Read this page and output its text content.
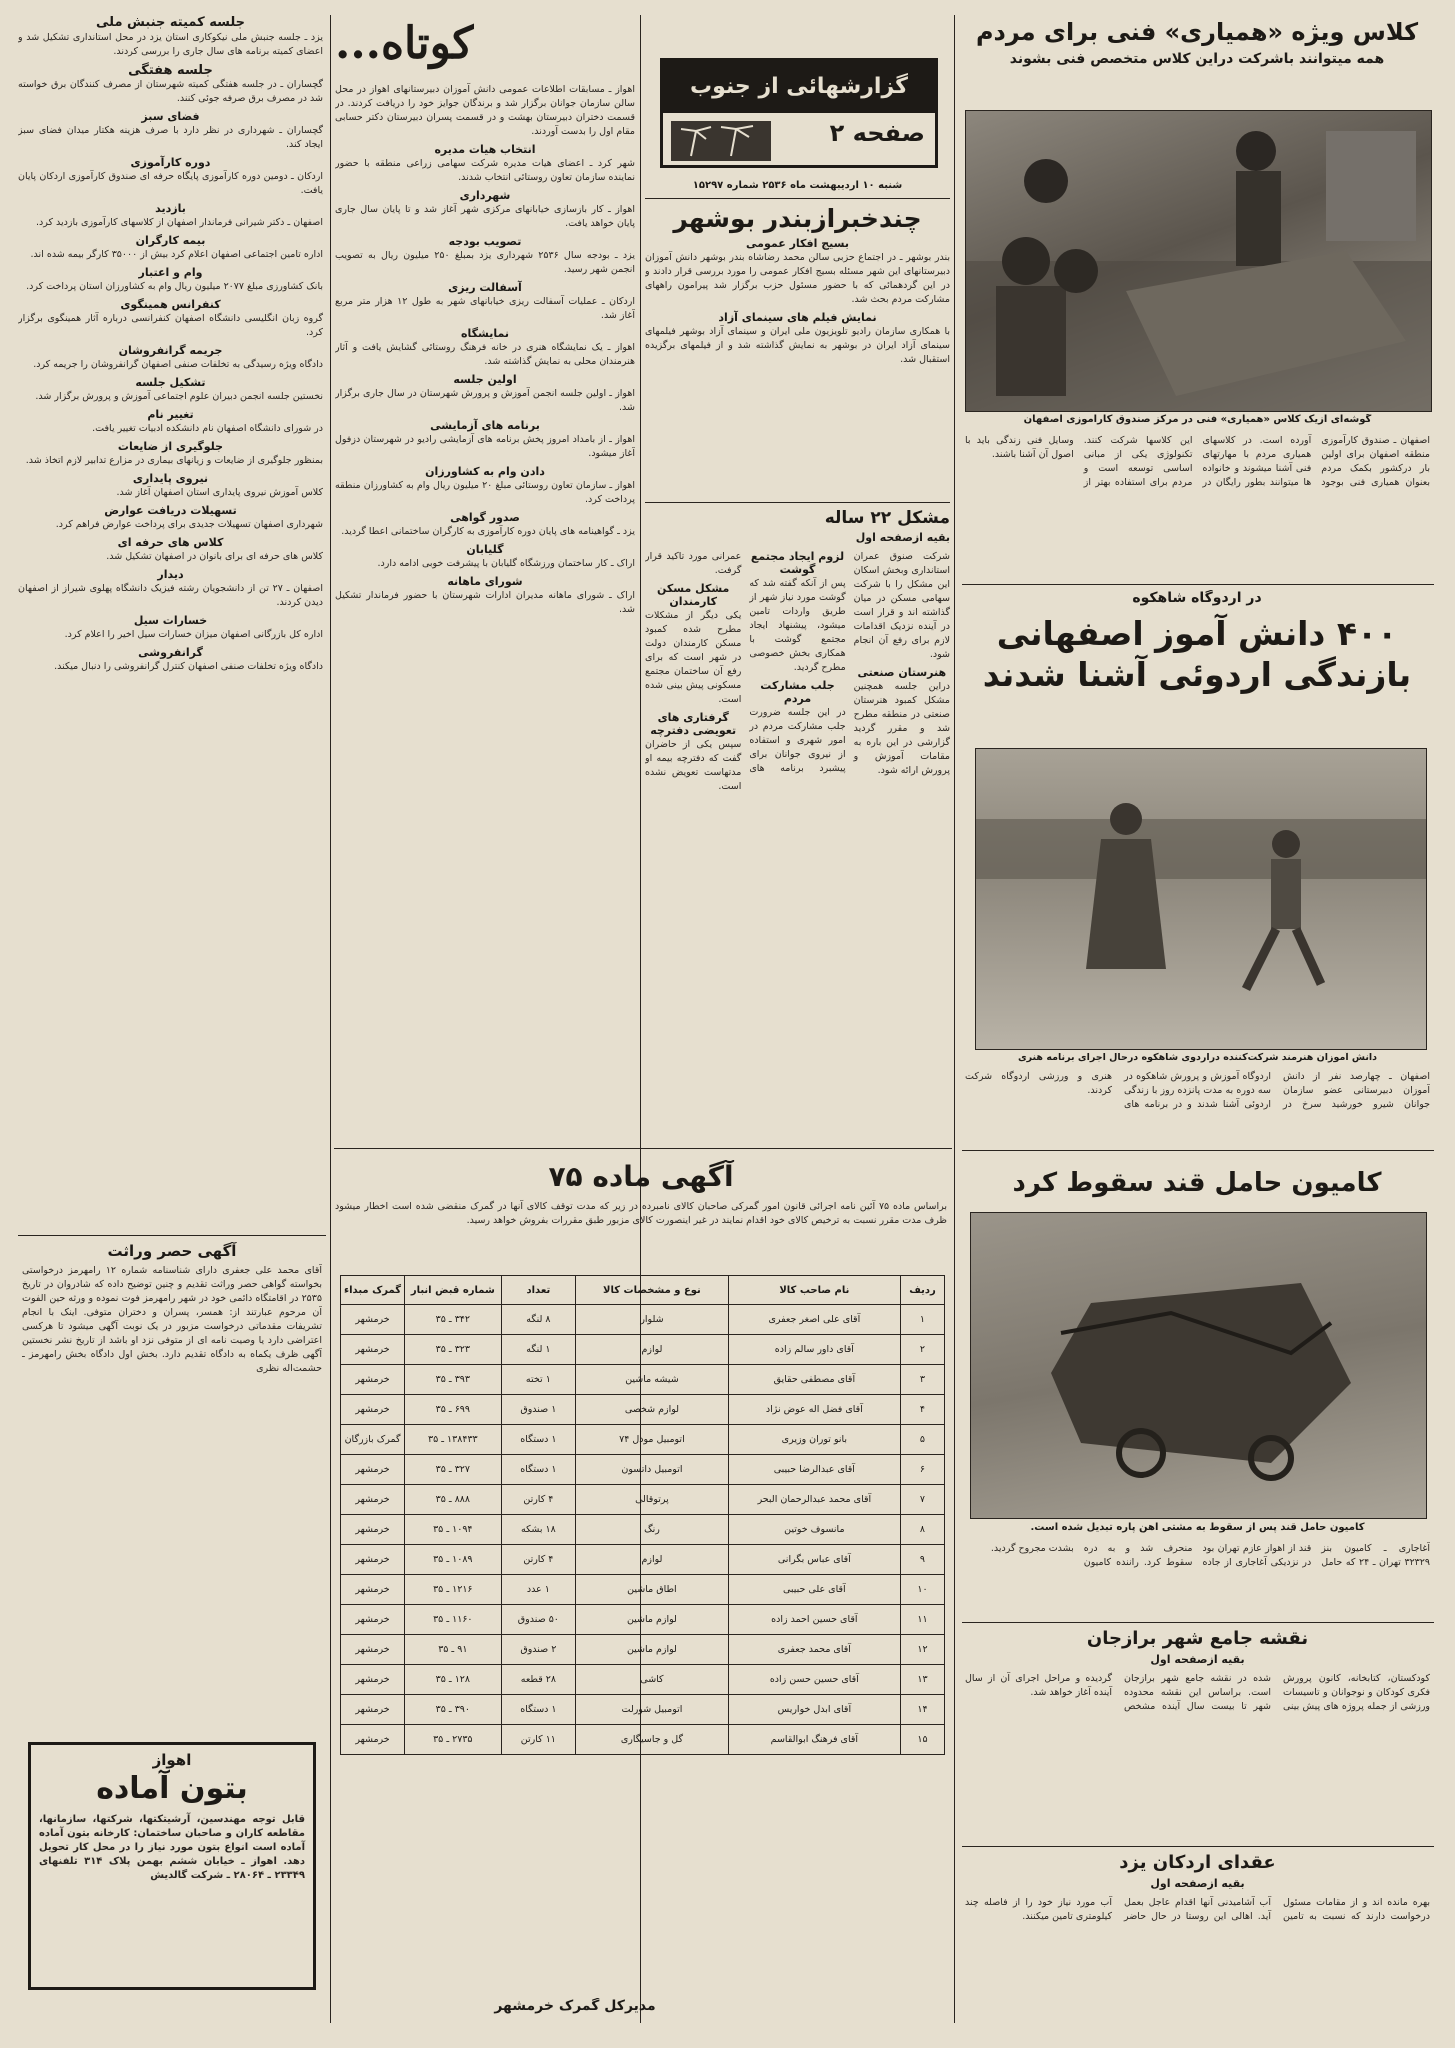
کلاس ویژه «همیاری» فنی برای مردم
همه میتوانند باشرکت دراین کلاس متخصص فنی بشوند
گوشه‌ای ازیک کلاس «همیاری» فنی در مرکز صندوق کارآموزی اصفهان

اصفهان ـ صندوق کارآموزی منطقه اصفهان برای اولین بار درکشور بکمک مردم بعنوان همیاری فنی بوجود آورده است. در کلاسهای همیاری مردم با مهارتهای فنی آشنا میشوند و خانواده ها میتوانند بطور رایگان در این کلاسها شرکت کنند. تکنولوژی یکی از مبانی اساسی توسعه است و مردم برای استفاده بهتر از وسایل فنی زندگی باید با اصول آن آشنا باشند.

در اردوگاه شاهکوه
۴۰۰ دانش آموز اصفهانی بازندگی اردوئی آشنا شدند
دانش آموزان هنرمند شرکت‌کننده دراردوی شاهکوه درحال اجرای برنامه هنری

اصفهان ـ چهارصد نفر از دانش آموزان دبیرستانی عضو سازمان جوانان شیرو خورشید سرخ در اردوگاه آموزش و پرورش شاهکوه در سه دوره به مدت پانزده روز با زندگی اردوئی آشنا شدند و در برنامه های هنری و ورزشی اردوگاه شرکت کردند.

کامیون حامل قند سقوط کرد
کامیون حامل قند پس از سقوط به مشتی آهن پاره تبدیل شده است.

آغاجاری ـ کامیون بنز ۳۲۳۲۹ تهران ـ ۲۴ که حامل قند از اهواز عازم تهران بود در نزدیکی آغاجاری از جاده منحرف شد و به دره سقوط کرد. راننده کامیون بشدت مجروح گردید.

نقشه جامع شهر برازجان
بقیه ازصفحه اول

کودکستان، کتابخانه، کانون پرورش فکری کودکان و نوجوانان و تاسیسات ورزشی از جمله پروژه های پیش بینی شده در نقشه جامع شهر برازجان است. براساس این نقشه محدوده شهر تا بیست سال آینده مشخص گردیده و مراحل اجرای آن از سال آینده آغاز خواهد شد.

عقدای اردکان یزد
بقیه ازصفحه اول

بهره مانده اند و از مقامات مسئول درخواست دارند که نسبت به تامین آب آشامیدنی آنها اقدام عاجل بعمل آید. اهالی این روستا در حال حاضر آب مورد نیاز خود را از فاصله چند کیلومتری تامین میکنند.

گزارشهائی از جنوب
صفحه ۲
شنبه ۱۰ اردیبهشت ماه ۲۵۳۶ شماره ۱۵۲۹۷
چندخبرازبندر بوشهر
بسیج افکار عمومی

بندر بوشهر ـ در اجتماع حزبی سالن محمد رضاشاه بندر بوشهر دانش آموزان دبیرستانهای این شهر مسئله بسیج افکار عمومی را مورد بررسی قرار دادند و در این گردهمائی که با حضور مسئول حزب برگزار شد پیرامون راههای مشارکت مردم بحث شد.

نمایش فیلم های سینمای آزاد

با همکاری سازمان رادیو تلویزیون ملی ایران و سینمای آزاد بوشهر فیلمهای سینمای آزاد ایران در بوشهر به نمایش گذاشته شد و از فیلمهای برگزیده استقبال شد.

مشکل ۲۲ ساله
بقیه ازصفحه اول

شرکت صنوق عمران استانداری وبخش اسکان این مشکل را با شرکت سهامی مسکن در میان گذاشته اند و قرار است در آینده نزدیک اقدامات لازم برای رفع آن انجام شود.

هنرستان صنعتی

دراین جلسه همچنین مشکل کمبود هنرستان صنعتی در منطقه مطرح شد و مقرر گردید گزارشی در این باره به مقامات آموزش و پرورش ارائه شود.

لزوم ایجاد مجتمع گوشت

پس از آنکه گفته شد که گوشت مورد نیاز شهر از طریق واردات تامین میشود، پیشنهاد ایجاد مجتمع گوشت با همکاری بخش خصوصی مطرح گردید.

جلب مشارکت مردم

در این جلسه ضرورت جلب مشارکت مردم در امور شهری و استفاده از نیروی جوانان برای پیشبرد برنامه های عمرانی مورد تاکید قرار گرفت.

مشکل مسکن کارمندان

یکی دیگر از مشکلات مطرح شده کمبود مسکن کارمندان دولت در شهر است که برای رفع آن ساختمان مجتمع مسکونی پیش بینی شده است.

گرفتاری های تعویضی دفترچه

سپس یکی از حاضران گفت که دفترچه بیمه او مدتهاست تعویض نشده است.

کوتاه...

اهواز ـ مسابقات اطلاعات عمومی دانش آموزان دبیرستانهای اهواز در محل سالن سازمان جوانان برگزار شد و برندگان جوایز خود را دریافت کردند. در قسمت دختران دبیرستان بهشت و در قسمت پسران دبیرستان دکتر حسابی مقام اول را بدست آوردند.

انتخاب هیات مدیره

شهر کرد ـ اعضای هیات مدیره شرکت سهامی زراعی منطقه با حضور نماینده سازمان تعاون روستائی انتخاب شدند.

شهرداری

اهواز ـ کار بازسازی خیابانهای مرکزی شهر آغاز شد و تا پایان سال جاری پایان خواهد یافت.

تصویب بودجه

یزد ـ بودجه سال ۲۵۳۶ شهرداری یزد بمبلغ ۲۵۰ میلیون ریال به تصویب انجمن شهر رسید.

آسفالت ریزی

اردکان ـ عملیات آسفالت ریزی خیابانهای شهر به طول ۱۲ هزار متر مربع آغاز شد.

نمایشگاه

اهواز ـ یک نمایشگاه هنری در خانه فرهنگ روستائی گشایش یافت و آثار هنرمندان محلی به نمایش گذاشته شد.

اولین جلسه

اهواز ـ اولین جلسه انجمن آموزش و پرورش شهرستان در سال جاری برگزار شد.

برنامه های آزمایشی

اهواز ـ از بامداد امروز پخش برنامه های آزمایشی رادیو در شهرستان دزفول آغاز میشود.

دادن وام به کشاورزان

اهواز ـ سازمان تعاون روستائی مبلغ ۲۰ میلیون ریال وام به کشاورزان منطقه پرداخت کرد.

صدور گواهی

یزد ـ گواهینامه های پایان دوره کارآموزی به کارگران ساختمانی اعطا گردید.

گلیابان

اراک ـ کار ساختمان ورزشگاه گلیابان با پیشرفت خوبی ادامه دارد.

شورای ماهانه

اراک ـ شورای ماهانه مدیران ادارات شهرستان با حضور فرماندار تشکیل شد.

جلسه کمیته جنبش ملی

یزد ـ جلسه جنبش ملی نیکوکاری استان یزد در محل استانداری تشکیل شد و اعضای کمیته برنامه های سال جاری را بررسی کردند.

جلسه هفتگی

گچساران ـ در جلسه هفتگی کمیته شهرستان از مصرف کنندگان برق خواسته شد در مصرف برق صرفه جوئی کنند.

فضای سبز

گچساران ـ شهرداری در نظر دارد با صرف هزینه هکتار میدان فضای سبز ایجاد کند.

دوره کارآموزی

اردکان ـ دومین دوره کارآموزی پایگاه حرفه ای صندوق کارآموزی اردکان پایان یافت.

بازدید

اصفهان ـ دکتر شیرانی فرماندار اصفهان از کلاسهای کارآموزی بازدید کرد.

بیمه کارگران

اداره تامین اجتماعی اصفهان اعلام کرد بیش از ۳۵۰۰۰ کارگر بیمه شده اند.

وام و اعتبار

بانک کشاورزی مبلغ ۲۰۷۷ میلیون ریال وام به کشاورزان استان پرداخت کرد.

کنفرانس همینگوی

گروه زبان انگلیسی دانشگاه اصفهان کنفرانسی درباره آثار همینگوی برگزار کرد.

جریمه گرانفروشان

دادگاه ویژه رسیدگی به تخلفات صنفی اصفهان گرانفروشان را جریمه کرد.

تشکیل جلسه

نخستین جلسه انجمن دبیران علوم اجتماعی آموزش و پرورش برگزار شد.

تغییر نام

در شورای دانشگاه اصفهان نام دانشکده ادبیات تغییر یافت.

جلوگیری از ضایعات

بمنظور جلوگیری از ضایعات و زیانهای بیماری در مزارع تدابیر لازم اتخاذ شد.

نیروی پایداری

کلاس آموزش نیروی پایداری استان اصفهان آغاز شد.

تسهیلات دریافت عوارض

شهرداری اصفهان تسهیلات جدیدی برای پرداخت عوارض فراهم کرد.

کلاس های حرفه ای

کلاس های حرفه ای برای بانوان در اصفهان تشکیل شد.

دیدار

اصفهان ـ ۲۷ تن از دانشجویان رشته فیزیک دانشگاه پهلوی شیراز از اصفهان دیدن کردند.

خسارات سیل

اداره کل بازرگانی اصفهان میزان خسارات سیل اخیر را اعلام کرد.

گرانفروشی

دادگاه ویژه تخلفات صنفی اصفهان کنترل گرانفروشی را دنبال میکند.

آگهی حصر وراثت

آقای محمد علی جعفری دارای شناسنامه شماره ۱۲ رامهرمز درخواستی بخواسته گواهی حصر وراثت تقدیم و چنین توضیح داده که شادروان در تاریخ ۲۵۳۵ در اقامتگاه دائمی خود در شهر رامهرمز فوت نموده و ورثه حین الفوت آن مرحوم عبارتند از: همسر، پسران و دختران متوفی. اینک با انجام تشریفات مقدماتی درخواست مزبور در یک نوبت آگهی میشود تا هرکسی اعتراضی دارد یا وصیت نامه ای از متوفی نزد او باشد از تاریخ نشر نخستین آگهی ظرف یکماه به دادگاه تقدیم دارد. بخش اول دادگاه بخش رامهرمز ـ حشمت‌اله نظری

اهواز
بتون آماده

قابل توجه مهندسین، آرشیتکتها، شرکتها، سازمانها، مقاطعه کاران و صاحبان ساختمان: کارخانه بتون آماده آماده است انواع بتون مورد نیاز را در محل کار تحویل دهد. اهواز ـ خیابان ششم بهمن پلاک ۳۱۴ تلفنهای ۲۳۳۴۹ ـ ۲۸۰۶۴ ـ شرکت گالدیش

آگهی ماده ۷۵

براساس ماده ۷۵ آئین نامه اجرائی قانون امور گمرکی صاحبان کالای نامبرده در زیر که مدت توقف کالای آنها در گمرک منقضی شده است اخطار میشود ظرف مدت مقرر نسبت به ترخیص کالای خود اقدام نمایند در غیر اینصورت کالای مزبور طبق مقررات بفروش خواهد رسید.

ردیف	نام صاحب کالا	نوع و مشخصات کالا	تعداد	شماره قبض انبار	گمرک مبداء
۱	آقای علی اصغر جعفری	شلوار	۸ لنگه	۳۴۲ ـ ۳۵	خرمشهر
۲	آقای داور سالم زاده	لوازم	۱ لنگه	۳۲۳ ـ ۳۵	خرمشهر
۳	آقای مصطفی حقایق	شیشه ماشین	۱ تخته	۳۹۳ ـ ۳۵	خرمشهر
۴	آقای فضل اله عوض نژاد	لوازم شخصی	۱ صندوق	۶۹۹ ـ ۳۵	خرمشهر
۵	بانو توران وزیری	اتومبیل مودل ۷۴	۱ دستگاه	۱۳۸۴۳۳ ـ ۳۵	گمرک بازرگان
۶	آقای عبدالرضا حبیبی	اتومبیل داتسون	۱ دستگاه	۳۲۷ ـ ۳۵	خرمشهر
۷	آقای محمد عبدالرحمان البحر	پرتوقالی	۴ کارتن	۸۸۸ ـ ۳۵	خرمشهر
۸	مانسوف خوتین	رنگ	۱۸ بشکه	۱۰۹۴ ـ ۳۵	خرمشهر
۹	آقای عباس بگرانی	لوازم	۴ کارتن	۱۰۸۹ ـ ۳۵	خرمشهر
۱۰	آقای علی حبیبی	اطاق ماشین	۱ عدد	۱۲۱۶ ـ ۳۵	خرمشهر
۱۱	آقای حسین احمد زاده	لوازم ماشین	۵۰ صندوق	۱۱۶۰ ـ ۳۵	خرمشهر
۱۲	آقای محمد جعفری	لوازم ماشین	۲ صندوق	۹۱ ـ ۳۵	خرمشهر
۱۳	آقای حسین حسن زاده	کاشی	۲۸ قطعه	۱۲۸ ـ ۳۵	خرمشهر
۱۴	آقای ابدل خواریس	اتومبیل شورلت	۱ دستگاه	۳۹۰ ـ ۳۵	خرمشهر
۱۵	آقای فرهنگ ابوالقاسم	گل و جاسیگاری	۱۱ کارتن	۲۷۳۵ ـ ۳۵	خرمشهر
مدیرکل گمرک خرمشهر
